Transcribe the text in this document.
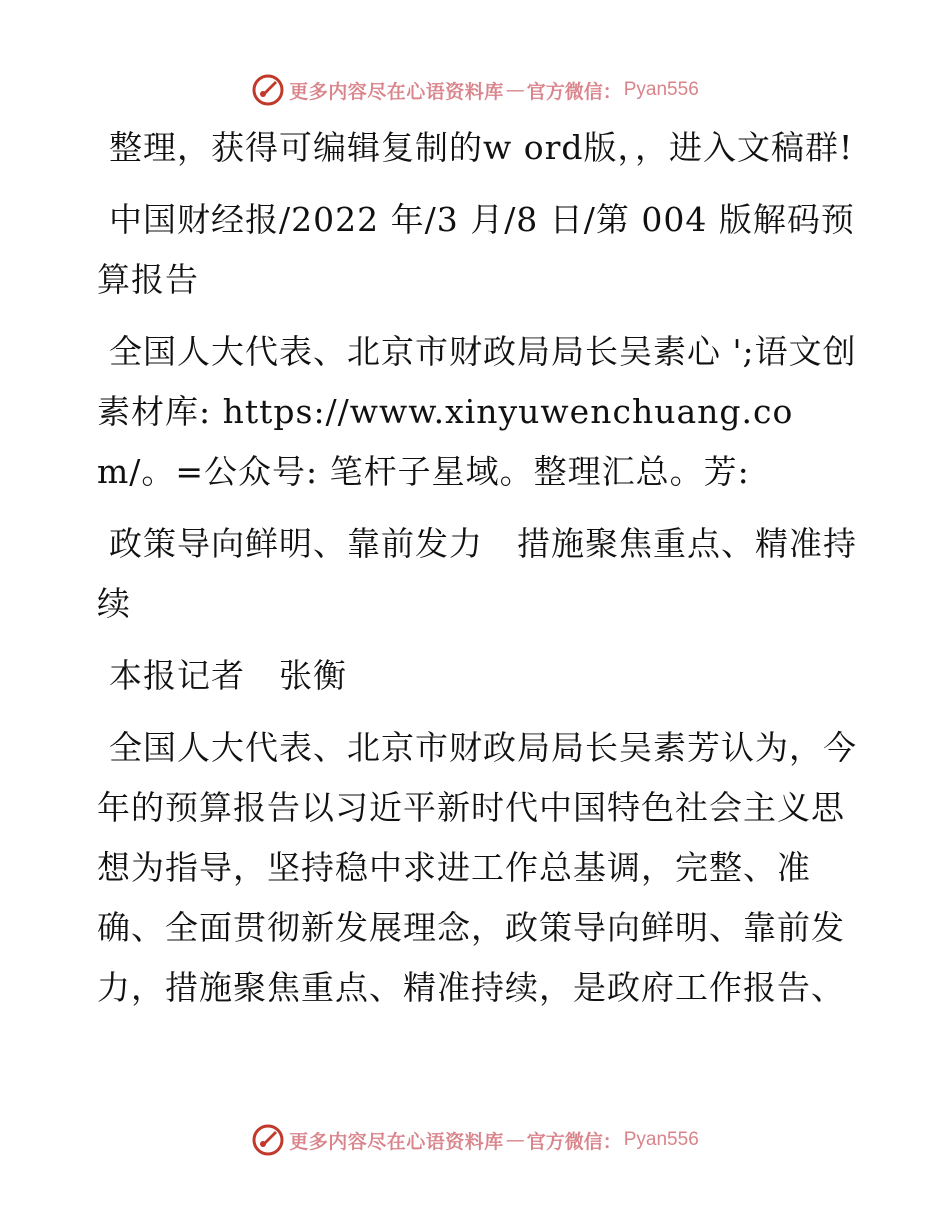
更多内容尽在心语资料库 — 官方微信： Pyan556

整理，获得可编辑复制的w ord版，，进入文稿群!

中国财经报/2022 年/3 月/8 日/第 004 版解码预算报告

全国人大代表、北京市财政局局长吴素心 ';语文创素材库: https://www.xinyuwenchuang.com/。=公众号: 笔杆子星域。整理汇总。芳:

政策导向鲜明、靠前发力　措施聚焦重点、精准持续

本报记者　张衡

全国人大代表、北京市财政局局长吴素芳认为，今年的预算报告以习近平新时代中国特色社会主义思想为指导，坚持稳中求进工作总基调，完整、准确、全面贯彻新发展理念，政策导向鲜明、靠前发力，措施聚焦重点、精准持续，是政府工作报告、

更多内容尽在心语资料库 — 官方微信： Pyan556
